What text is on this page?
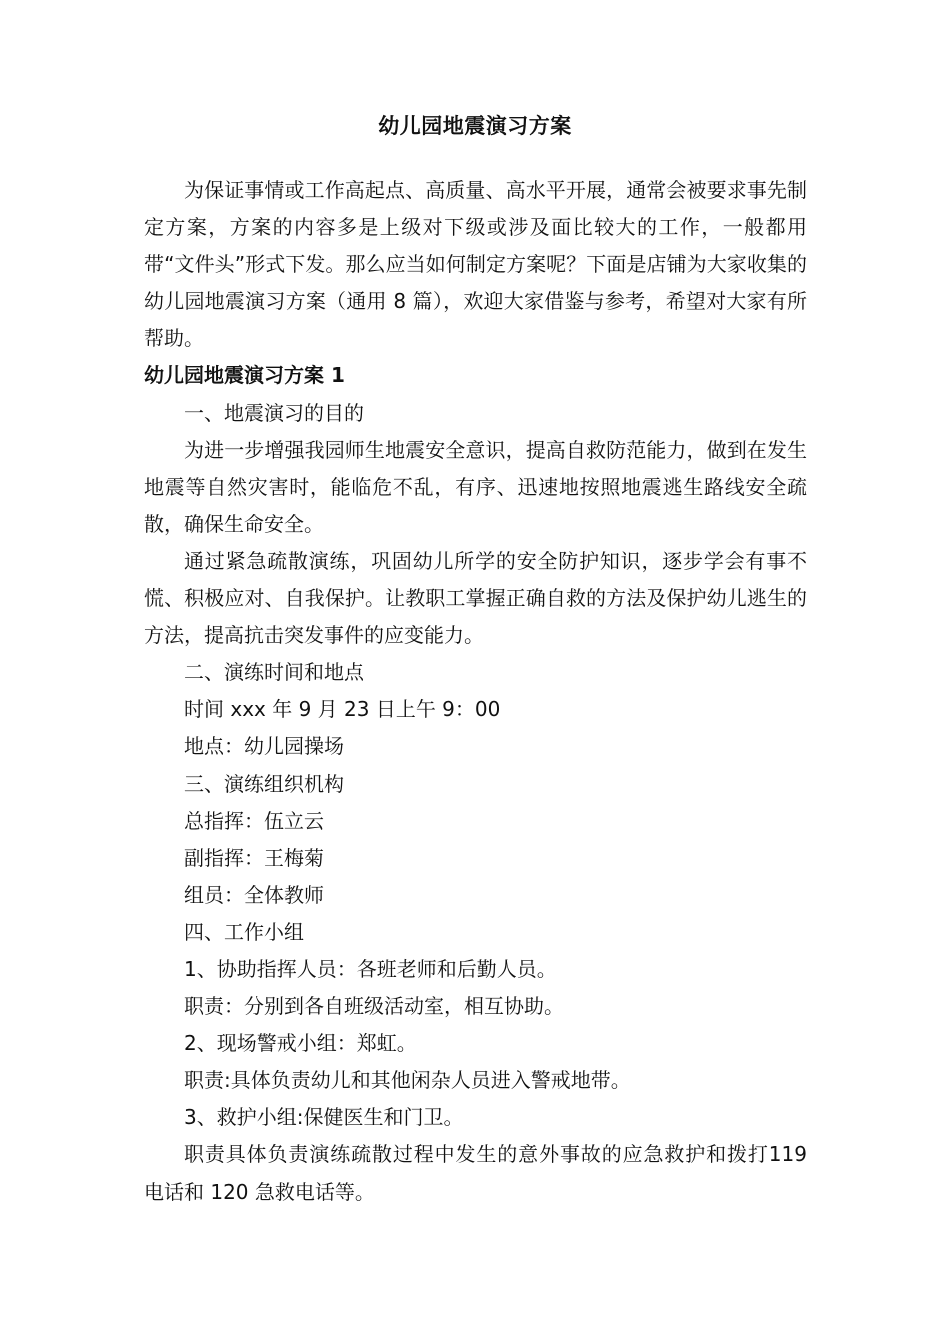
幼儿园地震演习方案

为保证事情或工作高起点、高质量、高水平开展，通常会被要求事先制定方案，方案的内容多是上级对下级或涉及面比较大的工作，一般都用带“文件头”形式下发。那么应当如何制定方案呢？下面是店铺为大家收集的幼儿园地震演习方案（通用 8 篇），欢迎大家借鉴与参考，希望对大家有所帮助。

幼儿园地震演习方案 1

一、地震演习的目的

为进一步增强我园师生地震安全意识，提高自救防范能力，做到在发生地震等自然灾害时，能临危不乱，有序、迅速地按照地震逃生路线安全疏散，确保生命安全。

通过紧急疏散演练，巩固幼儿所学的安全防护知识，逐步学会有事不慌、积极应对、自我保护。让教职工掌握正确自救的方法及保护幼儿逃生的方法，提高抗击突发事件的应变能力。

二、演练时间和地点

时间 xxx 年 9 月 23 日上午 9：00

地点：幼儿园操场

三、演练组织机构

总指挥：伍立云

副指挥：王梅菊

组员：全体教师

四、工作小组

1、协助指挥人员：各班老师和后勤人员。

职责：分别到各自班级活动室，相互协助。

2、现场警戒小组：郑虹。

职责:具体负责幼儿和其他闲杂人员进入警戒地带。

3、救护小组:保健医生和门卫。

职责具体负责演练疏散过程中发生的意外事故的应急救护和拨打119 电话和 120 急救电话等。
